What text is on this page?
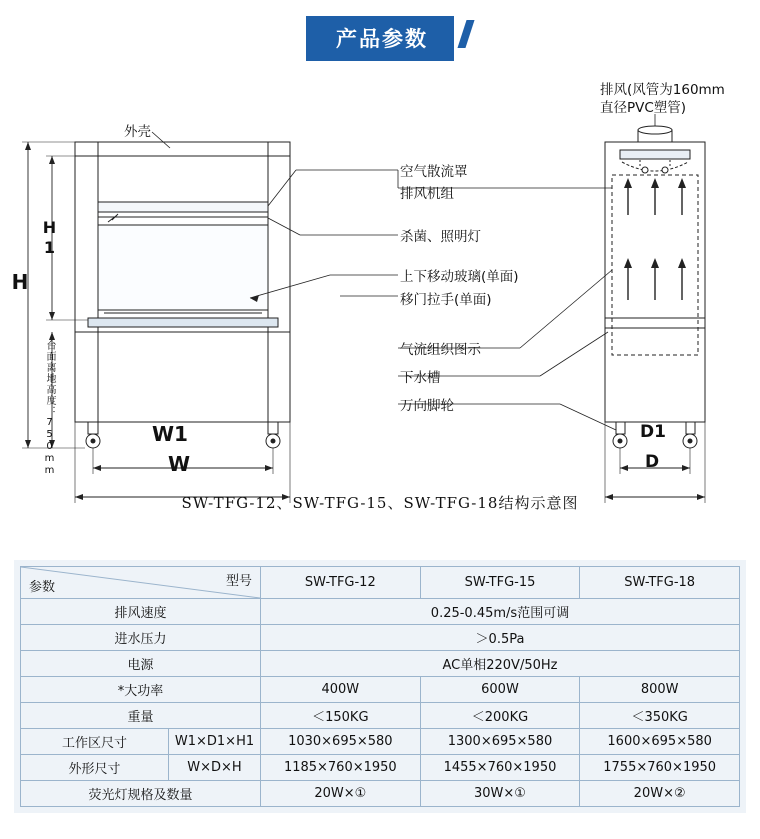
产品参数
外壳
空气散流罩
排风机组
杀菌、照明灯
上下移动玻璃(单面)
移门拉手(单面)
气流组织图示
下水槽
万向脚轮
排风(风管为160mm
直径PVC塑管)
H
H1
台面离地高度：750mm	W1
W
D1
D
SW-TFG-12、SW-TFG-15、SW-TFG-18结构示意图
参数 型号		SW-TFG-12	SW-TFG-15	SW-TFG-18
排风速度		0.25-0.45m/s范围可调		
进水压力		＞0.5Pa		
电源		AC单相220V/50Hz		
*大功率		400W	600W	800W
重量		＜150KG	＜200KG	＜350KG
工作区尺寸	W1×D1×H1	1030×695×580	1300×695×580	1600×695×580
外形尺寸	W×D×H	1185×760×1950	1455×760×1950	1755×760×1950
荧光灯规格及数量		20W×①	30W×①	20W×②
